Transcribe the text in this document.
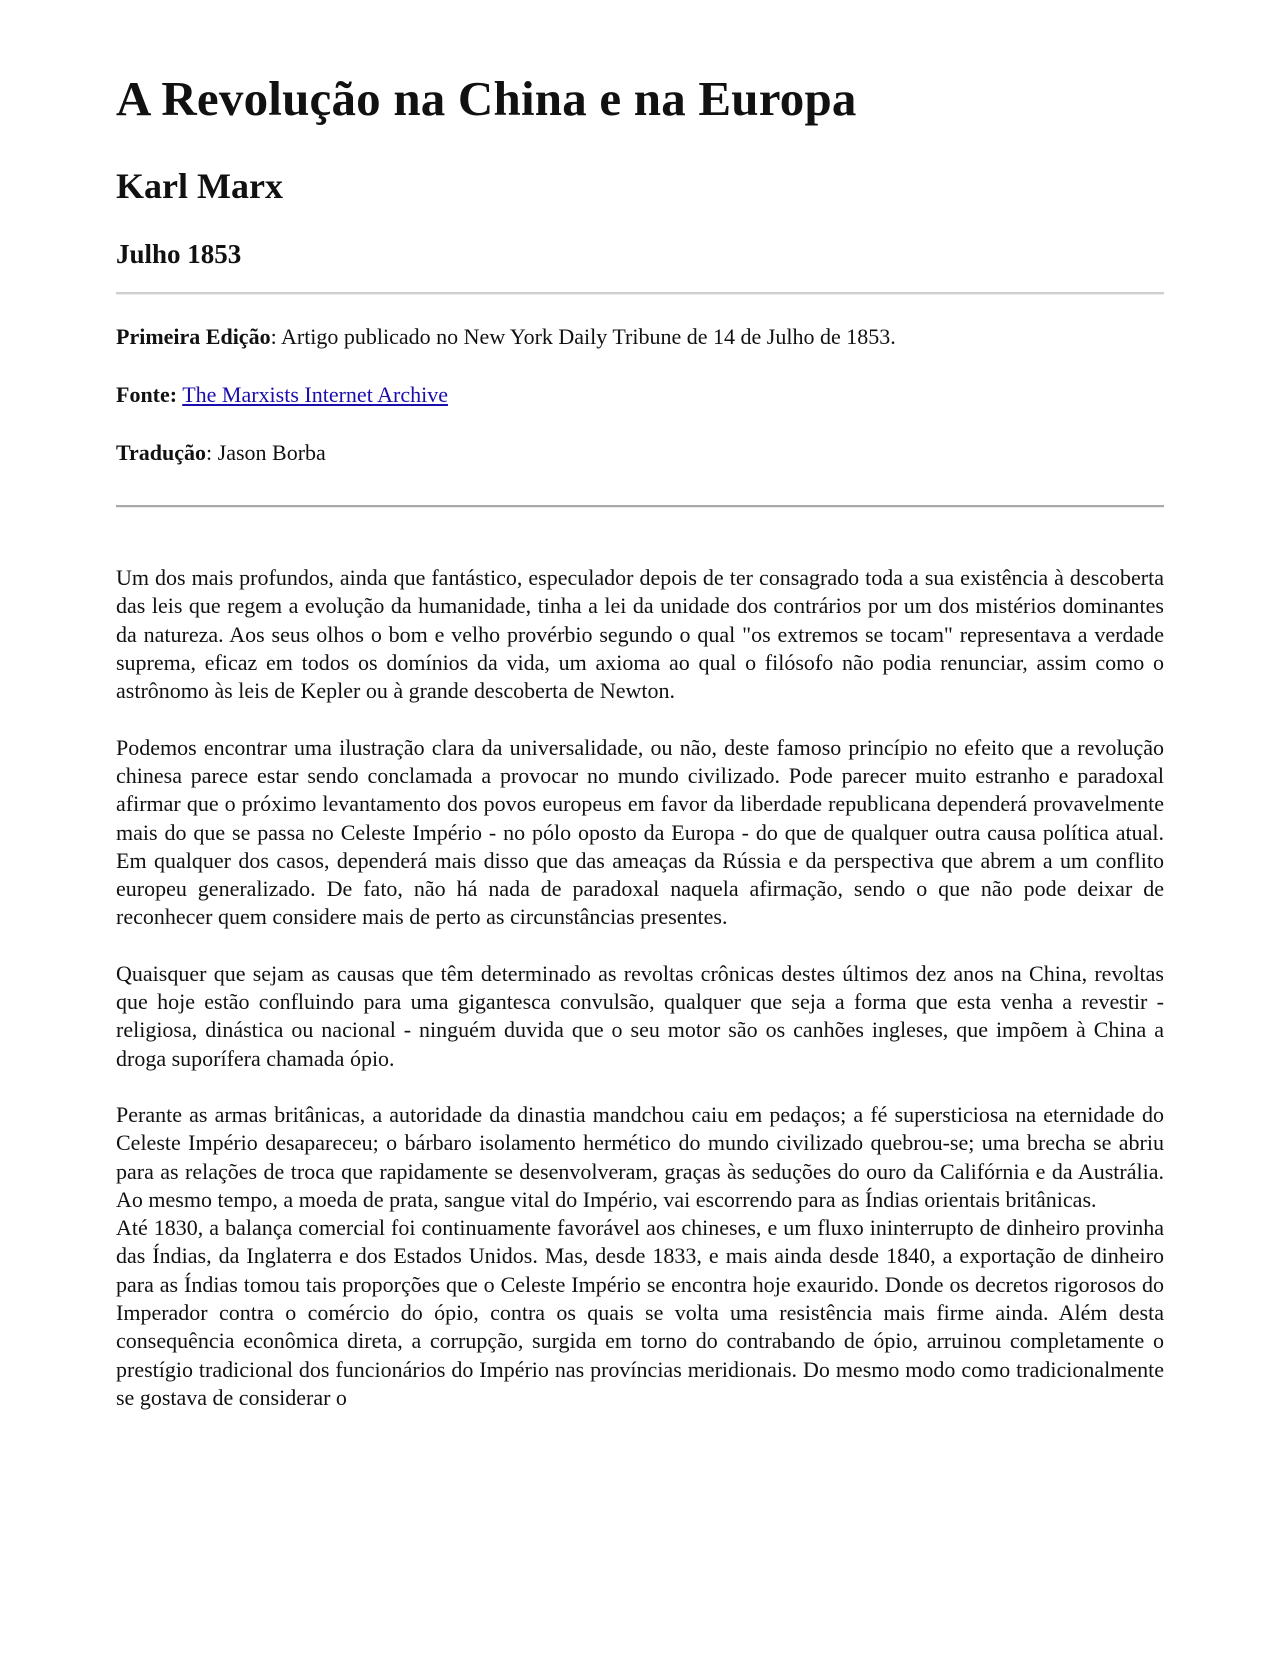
A Revolução na China e na Europa
Karl Marx
Julho 1853

Primeira Edição: Artigo publicado no New York Daily Tribune de 14 de Julho de 1853.

Fonte: The Marxists Internet Archive

Tradução: Jason Borba

Um dos mais profundos, ainda que fantástico, especulador depois de ter consagrado toda a sua existência à descoberta das leis que regem a evolução da humanidade, tinha a lei da unidade dos contrários por um dos mistérios dominantes da natureza. Aos seus olhos o bom e velho provérbio segundo o qual "os extremos se tocam" representava a verdade suprema, eficaz em todos os domínios da vida, um axioma ao qual o filósofo não podia renunciar, assim como o astrônomo às leis de Kepler ou à grande descoberta de Newton.

Podemos encontrar uma ilustração clara da universalidade, ou não, deste famoso princípio no efeito que a revolução chinesa parece estar sendo conclamada a provocar no mundo civilizado. Pode parecer muito estranho e paradoxal afirmar que o próximo levantamento dos povos europeus em favor da liberdade republicana dependerá provavelmente mais do que se passa no Celeste Império - no pólo oposto da Europa - do que de qualquer outra causa política atual. Em qualquer dos casos, dependerá mais disso que das ameaças da Rússia e da perspectiva que abrem a um conflito europeu generalizado. De fato, não há nada de paradoxal naquela afirmação, sendo o que não pode deixar de reconhecer quem considere mais de perto as circunstâncias presentes.

Quaisquer que sejam as causas que têm determinado as revoltas crônicas destes últimos dez anos na China, revoltas que hoje estão confluindo para uma gigantesca convulsão, qualquer que seja a forma que esta venha a revestir - religiosa, dinástica ou nacional - ninguém duvida que o seu motor são os canhões ingleses, que impõem à China a droga suporífera chamada ópio.

Perante as armas britânicas, a autoridade da dinastia mandchou caiu em pedaços; a fé supersticiosa na eternidade do Celeste Império desapareceu; o bárbaro isolamento hermético do mundo civilizado quebrou-se; uma brecha se abriu para as relações de troca que rapidamente se desenvolveram, graças às seduções do ouro da Califórnia e da Austrália. Ao mesmo tempo, a moeda de prata, sangue vital do Império, vai escorrendo para as Índias orientais britânicas.

Até 1830, a balança comercial foi continuamente favorável aos chineses, e um fluxo ininterrupto de dinheiro provinha das Índias, da Inglaterra e dos Estados Unidos. Mas, desde 1833, e mais ainda desde 1840, a exportação de dinheiro para as Índias tomou tais proporções que o Celeste Império se encontra hoje exaurido. Donde os decretos rigorosos do Imperador contra o comércio do ópio, contra os quais se volta uma resistência mais firme ainda. Além desta consequência econômica direta, a corrupção, surgida em torno do contrabando de ópio, arruinou completamente o prestígio tradicional dos funcionários do Império nas províncias meridionais. Do mesmo modo como tradicionalmente se gostava de considerar o
